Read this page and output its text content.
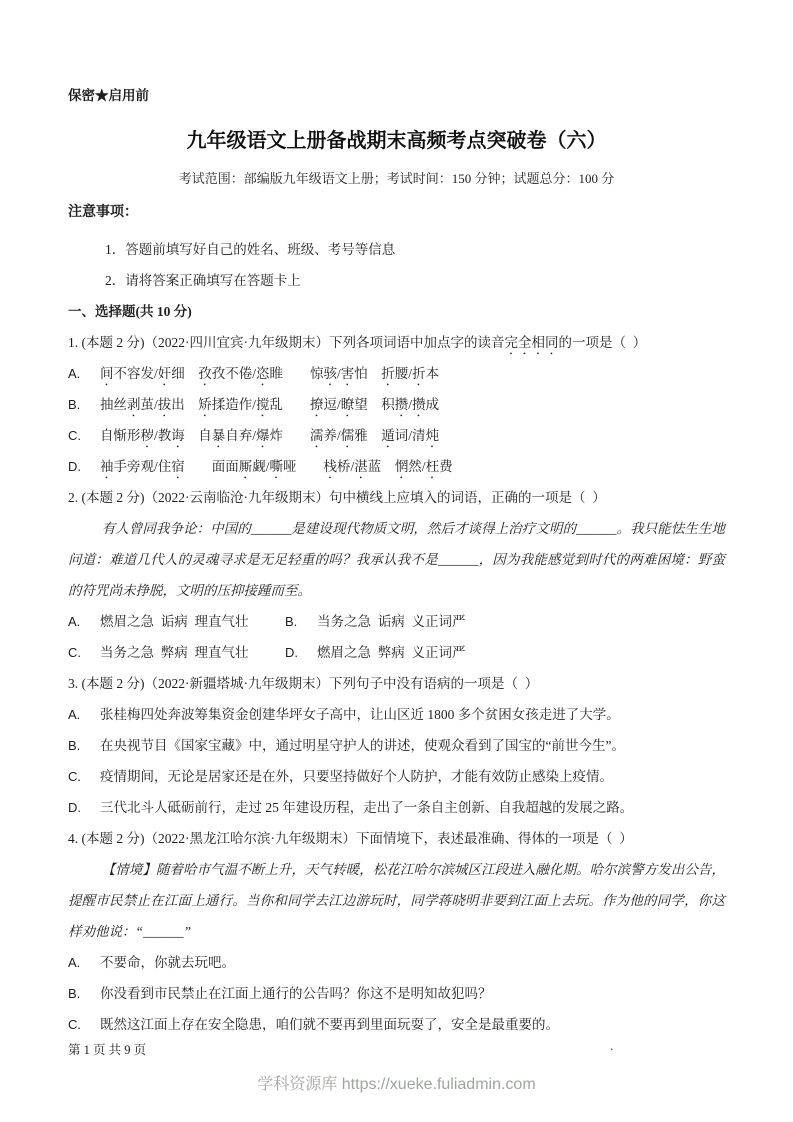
保密★启用前

九年级语文上册备战期末高频考点突破卷（六）

考试范围：部编版九年级语文上册；考试时间：150 分钟；试题总分：100 分

注意事项：

1．答题前填写好自己的姓名、班级、考号等信息

2．请将答案正确填写在答题卡上

一、选择题(共 10 分)

1. (本题 2 分)（2022·四川宜宾·九年级期末）下列各项词语中加点字的读音完全相同的一项是（  ）

A. 间不容发/奸细　孜孜不倦/恣睢　　惊骇/害怕　折腰/折本

B. 抽丝剥茧/拔出　矫揉造作/搅乱　　撩逗/瞭望　积攒/攒成

C. 自惭形秽/教诲　自暴自弃/爆炸　　濡养/儒雅　遁词/清炖

D. 袖手旁观/住宿　　面面厮觑/嘶哑　　栈桥/湛蓝　惘然/枉费

2. (本题 2 分)（2022·云南临沧·九年级期末）句中横线上应填入的词语，正确的一项是（  ）

有人曾同我争论：中国的______是建设现代物质文明，然后才谈得上治疗文明的______。我只能怯生生地问道：难道几代人的灵魂寻求是无足轻重的吗？我承认我不是______，因为我能感觉到时代的两难困境：野蛮的符咒尚未挣脱，文明的压抑接踵而至。

A. 燃眉之急  诟病  理直气壮	B. 当务之急  诟病  义正词严

C. 当务之急  弊病  理直气壮	D. 燃眉之急  弊病  义正词严

3. (本题 2 分)（2022·新疆塔城·九年级期末）下列句子中没有语病的一项是（  ）

A. 张桂梅四处奔波筹集资金创建华坪女子高中，让山区近 1800 多个贫困女孩走进了大学。

B. 在央视节目《国家宝藏》中，通过明星守护人的讲述，使观众看到了国宝的“前世今生”。

C. 疫情期间，无论是居家还是在外，只要坚持做好个人防护，才能有效防止感染上疫情。

D. 三代北斗人砥砺前行，走过 25 年建设历程，走出了一条自主创新、自我超越的发展之路。

4. (本题 2 分)（2022·黑龙江哈尔滨·九年级期末）下面情境下，表述最准确、得体的一项是（  ）

【情境】随着哈市气温不断上升，天气转暖，松花江哈尔滨城区江段进入融化期。哈尔滨警方发出公告，提醒市民禁止在江面上通行。当你和同学去江边游玩时，同学蒋晓明非要到江面上去玩。作为他的同学，你这样劝他说：“______”

A. 不要命，你就去玩吧。

B. 你没看到市民禁止在江面上通行的公告吗？你这不是明知故犯吗？

C. 既然这江面上存在安全隐患，咱们就不要再到里面玩耍了，安全是最重要的。

第 1 页 共 9 页

学科资源库 https://xueke.fuliadmin.com

.
